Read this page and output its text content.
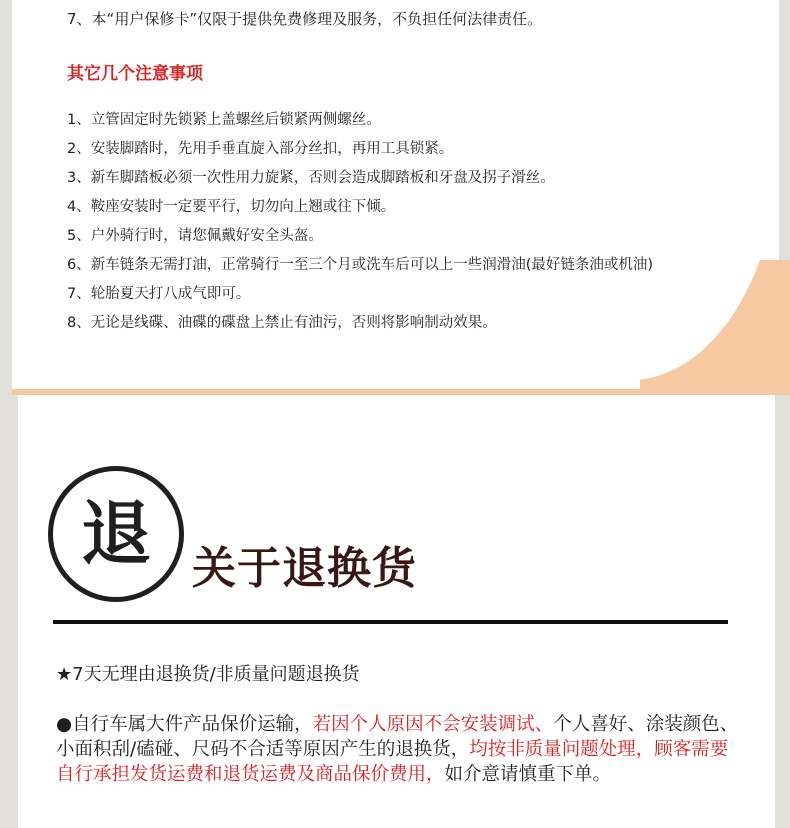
7、本“用户保修卡”仅限于提供免费修理及服务，不负担任何法律责任。

其它几个注意事项
1、立管固定时先锁紧上盖螺丝后锁紧两侧螺丝。
2、安装脚踏时，先用手垂直旋入部分丝扣，再用工具锁紧。
3、新车脚踏板必须一次性用力旋紧，否则会造成脚踏板和牙盘及拐子滑丝。
4、鞍座安装时一定要平行，切勿向上翘或往下倾。
5、户外骑行时，请您佩戴好安全头盔。
6、新车链条无需打油，正常骑行一至三个月或洗车后可以上一些润滑油(最好链条油或机油)
7、轮胎夏天打八成气即可。
8、无论是线碟、油碟的碟盘上禁止有油污，否则将影响制动效果。
退 关于退换货

★7天无理由退换货/非质量问题退换货

●自行车属大件产品保价运输，若因个人原因不会安装调试、个人喜好、涂装颜色、小面积刮/磕碰、尺码不合适等原因产生的退换货，均按非质量问题处理，顾客需要自行承担发货运费和退货运费及商品保价费用，如介意请慎重下单。
